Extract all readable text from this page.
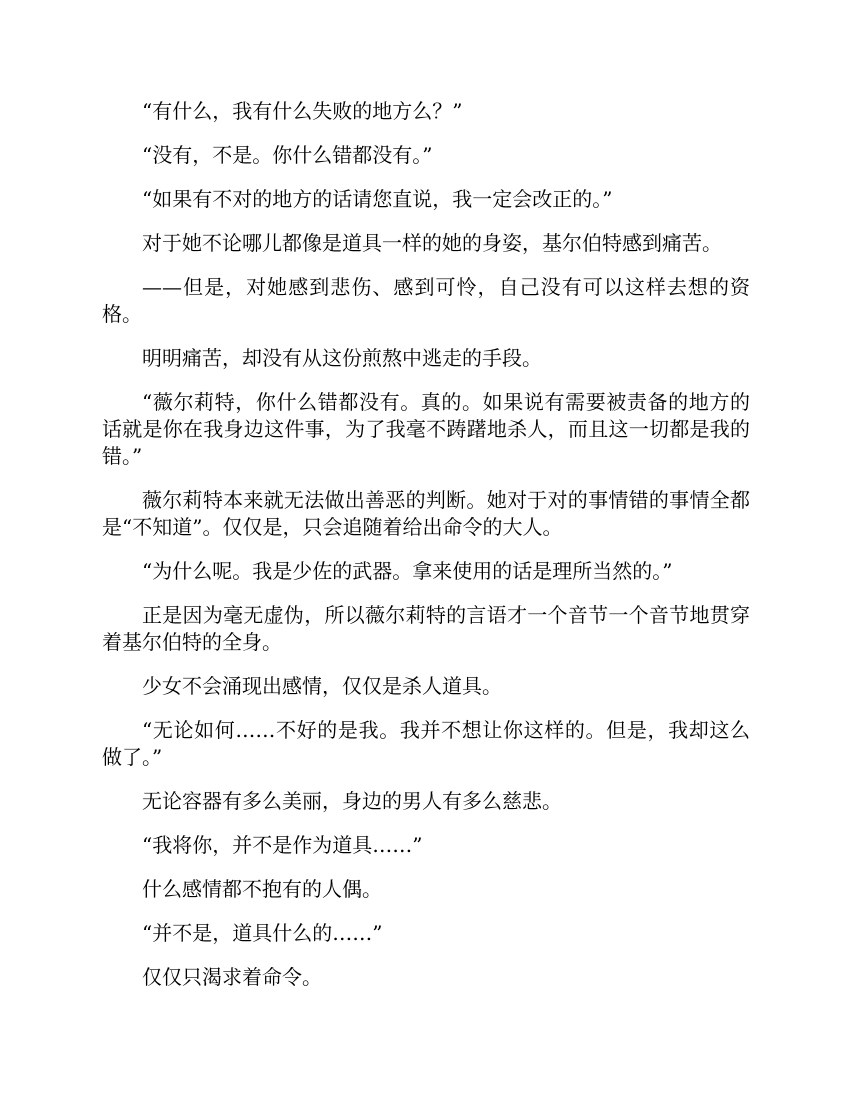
“有什么，我有什么失败的地方么？”

“没有，不是。你什么错都没有。”

“如果有不对的地方的话请您直说，我一定会改正的。”

对于她不论哪儿都像是道具一样的她的身姿，基尔伯特感到痛苦。

——但是，对她感到悲伤、感到可怜，自己没有可以这样去想的资格。

明明痛苦，却没有从这份煎熬中逃走的手段。

“薇尔莉特，你什么错都没有。真的。如果说有需要被责备的地方的话就是你在我身边这件事，为了我毫不踌躇地杀人，而且这一切都是我的错。”

薇尔莉特本来就无法做出善恶的判断。她对于对的事情错的事情全都是“不知道”。仅仅是，只会追随着给出命令的大人。

“为什么呢。我是少佐的武器。拿来使用的话是理所当然的。”

正是因为毫无虚伪，所以薇尔莉特的言语才一个音节一个音节地贯穿着基尔伯特的全身。

少女不会涌现出感情，仅仅是杀人道具。

“无论如何……不好的是我。我并不想让你这样的。但是，我却这么做了。”

无论容器有多么美丽，身边的男人有多么慈悲。

“我将你，并不是作为道具……”

什么感情都不抱有的人偶。

“并不是，道具什么的……”

仅仅只渴求着命令。
